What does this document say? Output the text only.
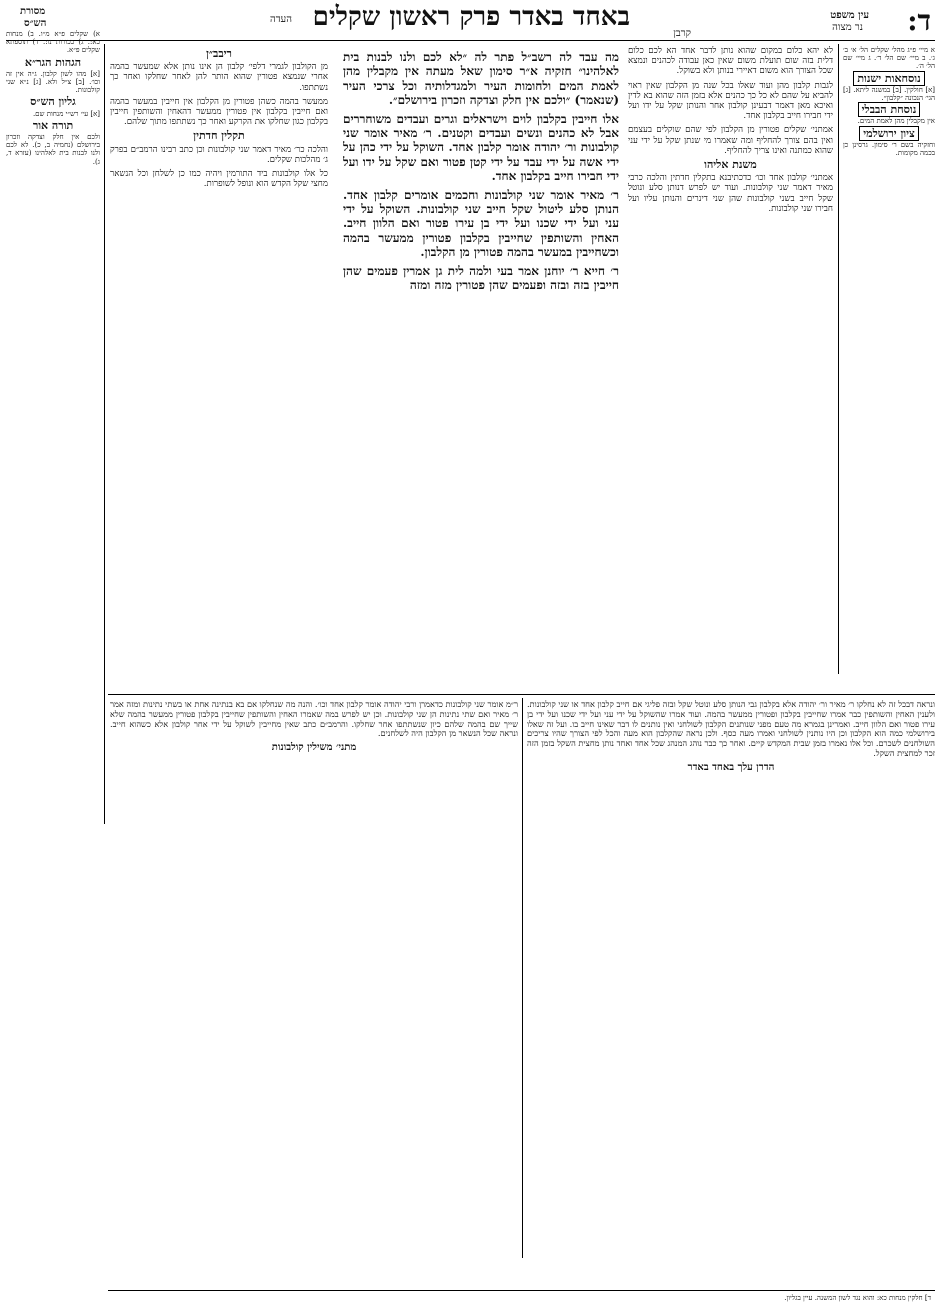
ד:
באחד באדר פרק ראשון שקלים
קרבן
העדה	עין משפט
נר מצוה
מסורת
הש״ס

א מיי׳ פ״ג מהל׳ שקלים הל׳ א׳ ב׳ ג׳. ב מיי׳ שם הל׳ ד׳. ג מיי׳ שם הל׳ ה׳.

נוסחאות ישנות

[א] חולקין. [ב] במשנה ליתא. [ג] הגי׳ הנכונה ״קלבון״.

נוסחת הבבלי

אין מקבלין מהן לאמת המים.

ציון ירושלמי

וחזקיה בשם ר׳ סימון. גרסינן כן בכמה מקומות.

לא יהא כלום במקום שהוא נותן לדבר אחד הא לכם כלום דלית בזה שום תועלת משום שאין כאן עבודה לכהנים ונמצא שכל הצורך הוא משום דאיירי בנותן ולא בשוקל.

לגבות קלבון מהן ועוד שאלו בכל שנה מן הקלבון שאין ראוי להביא על שהם לא כל כך כהנים אלא בזמן הזה שהוא בא לדין ואיכא מאן דאמר דבעינן קולבון אחר והנותן שקל על ידו ועל ידי חבירו חייב בקלבון אחד.

אמתני׳ שקלים פטורין מן הקלבון לפי שהם שוקלים בעצמם ואין בהם צורך להחליף ומה שאמרו מי שנתן שקל על ידי עני שהוא כמתנה ואינו צריך להחליף.

משנת אליהו

אמתני׳ קולבון אחד וכו׳ כדכתיבנא בתקלין חדתין והלכה כרבי מאיר דאמר שני קולבונות. ועוד יש לפרש דנותן סלע ונוטל שקל חייב בשני קולבונות שהן שני דינרים והנותן עליו ועל חבירו שני קולבונות.

מה עבד לה רשב״ל פתר לה ״לא לכם ולנו לבנות בית לאלהינו״ חזקיה א״ר סימון שאל מעתה אין מקבלין מהן לאמת המים ולחומות העיר ולמגדלותיה וכל צרכי העיר (שנאמר) ״ולכם אין חלק וצדקה וזכרון בירושלם״.

אלו חייבין בקלבון לוים וישראלים וגרים ועבדים משוחררים אבל לא כהנים ונשים ועבדים וקטנים. ר׳ מאיר אומר שני קולבונות ור׳ יהודה אומר קלבון אחד. השוקל על ידי כהן על ידי אשה על ידי עבד על ידי קטן פטור ואם שקל על ידו ועל ידי חבירו חייב בקלבון אחד.

ר׳ מאיר אומר שני קולבונות וחכמים אומרים קלבון אחד. הנותן סלע ליטול שקל חייב שני קולבונות. השוקל על ידי עני ועל ידי שכנו ועל ידי בן עירו פטור ואם הלוון חייב. האחין והשותפין שחייבין בקלבון פטורין ממעשר בהמה וכשחייבין במעשר בהמה פטורין מן הקלבון.

ר׳ חייא ר׳ יוחנן אמר בעי ולמה לית גן אמרין פעמים שהן חייבין בזה ובזה ופעמים שהן פטורין מזה ומזה

ריבב״ן

מן הקולבון לגמרי דלפי׳ קלבון הן אינו נותן אלא שמעשר בהמה אחרי שנמצא פטורין שהוא הותר להן לאחר שחלקו ואחר כך נשתתפו.

ממעשר בהמה כשהן פטורין מן הקלבון אין חייבין במעשר בהמה ואם חייבין בקלבון אין פטורין ממעשר דהאחין והשותפין חייבין בקלבון כגון שחלקו את הקרקע ואחר כך נשתתפו מתוך שלהם.

תקלין חדתין

והלכה כר׳ מאיר דאמר שני קולבונות וכן כתב רבינו הרמב״ם בפרק ג׳ מהלכות שקלים.

כל אלו קולבונות ביד התורמין ויהיה כמו כן לשלחן וכל הנשאר מחצי שקל הקדש הוא ונופל לשופרות.

א) שקלים פ״א מ״ו. ב) מנחות כא:. ג) בכורות נו:. ד) תוספתא שקלים פ״א.

הגהות הגר״א

[א] מהו לשון קלבון. ג״ה אין זה וכו׳. [ב] צ״ל ולא. [ג] נ״א שני קולבונות.

גליון הש״ס

[א] עי׳ רש״י מנחות שם.

תורה אור

ולכם אין חלק וצדקה וזכרון בירושלם (נחמיה ב, כ). לא לכם ולנו לבנות בית לאלהינו (עזרא ד, ג).

ונראה דבכל זה לא נחלקו ר׳ מאיר ור׳ יהודה אלא בקלבון גבי הנותן סלע ונוטל שקל ובזה פליגי אם חייב קלבון אחד או שני קולבונות. ולענין האחין והשותפין כבר אמרו שחייבין בקלבון ופטורין ממעשר בהמה. ועוד אמרו שהשוקל על ידי עני ועל ידי שכנו ועל ידי בן עירו פטור ואם הלוון חייב. ואמרינן בגמרא מה טעם מפני שנותנים הקלבון לשולחני ואין נותנים לו דבר שאינו חייב בו. ועל זה שאלו בירושלמי כמה הוא הקלבון וכן היו נותנין לשולחני ואמרו מעה כסף. ולכן נראה שהקלבון הוא מעה והכל לפי הצורך שהיו צריכים השולחנים לשכרם. וכל אלו נאמרו בזמן שבית המקדש קיים. ואחר כך כבר נוהג המנהג שכל אחד ואחד נותן מחצית השקל בזמן הזה זכר למחצית השקל.

הדרן עלך באחד באדר

ר״מ אומר שני קולבונות כדאמרן ורבי יהודה אומר קלבון אחד וכו׳. והנה מה שנחלקו אם בא בנתינה אחת או בשתי נתינות ומזה אמר ר׳ מאיר ואם שתי נתינות הן שני קולבונות. וכן יש לפרש במה שאמרו האחין והשותפין שחייבין בקלבון פטורין ממעשר בהמה שלא שייך שם בהמה שלהם כיון שנשתתפו אחר שחלקו. והרמב״ם כתב שאין מחייבין לשוקל על ידי אחר קולבון אלא כשהוא חייב. ונראה שכל הנשאר מן הקלבון היה לשלחנים.

מתני׳ משילין קולבונות

ד] חלקין מנחות כא: והוא נגד לשון המשנה. עיין בגליון.
